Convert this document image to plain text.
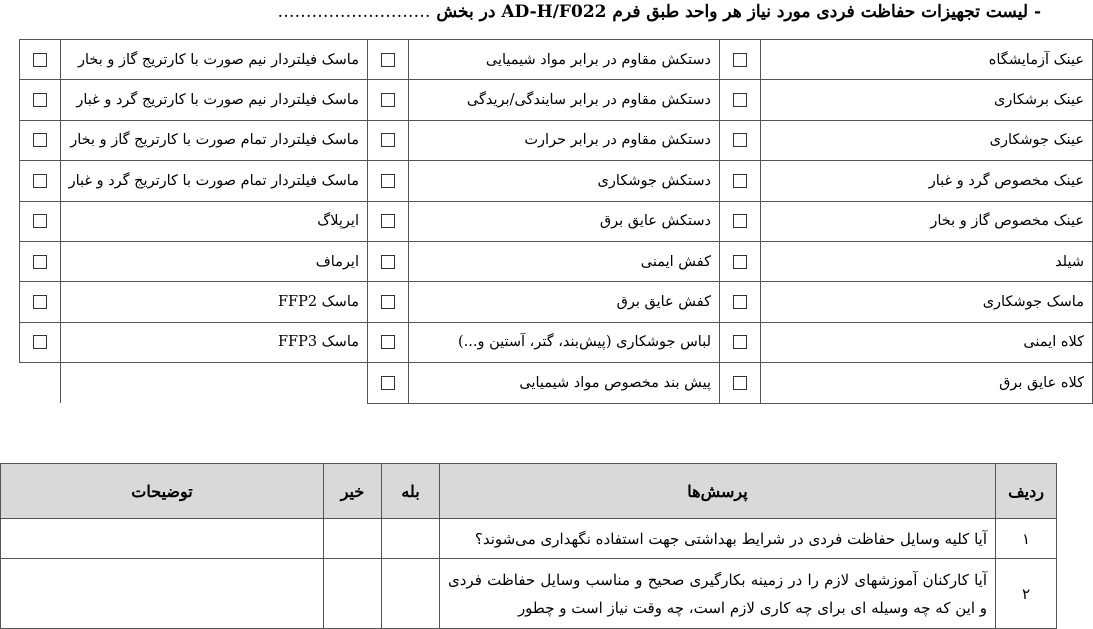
- لیست تجهیزات حفاظت فردی مورد نیاز هر واحد طبق فرم AD-H/F022 در بخش ………………………
عینک آزمایشگاه		دستکش مقاوم در برابر مواد شیمیایی		ماسک فیلتردار نیم صورت با کارتریج گاز و بخار	
عینک برشکاری		دستکش مقاوم در برابر سایندگی/بریدگی		ماسک فیلتردار نیم صورت با کارتریج گرد و غبار	
عینک جوشکاری		دستکش مقاوم در برابر حرارت		ماسک فیلتردار تمام صورت با کارتریج گاز و بخار	
عینک مخصوص گرد و غبار		دستکش جوشکاری		ماسک فیلتردار تمام صورت با کارتریج گرد و غبار	
عینک مخصوص گاز و بخار		دستکش عایق برق		ایرپلاگ	
شیلد		کفش ایمنی		ایرماف	
ماسک جوشکاری		کفش عایق برق		ماسک FFP2	
کلاه ایمنی		لباس جوشکاری (پیش‌بند، گتر، آستین و...)		ماسک FFP3	
کلاه عایق برق		پیش بند مخصوص مواد شیمیایی			
ردیف	پرسش‌ها	بله	خیر	توضیحات
۱	آیا کلیه وسایل حفاظت فردی در شرایط بهداشتی جهت استفاده نگهداری می‌شوند؟			
۲	آیا کارکنان آموزشهای لازم را در زمینه بکارگیری صحیح و مناسب وسایل حفاظت فردی و این که چه وسیله ای برای چه کاری لازم است، چه وقت نیاز است و چطور			
